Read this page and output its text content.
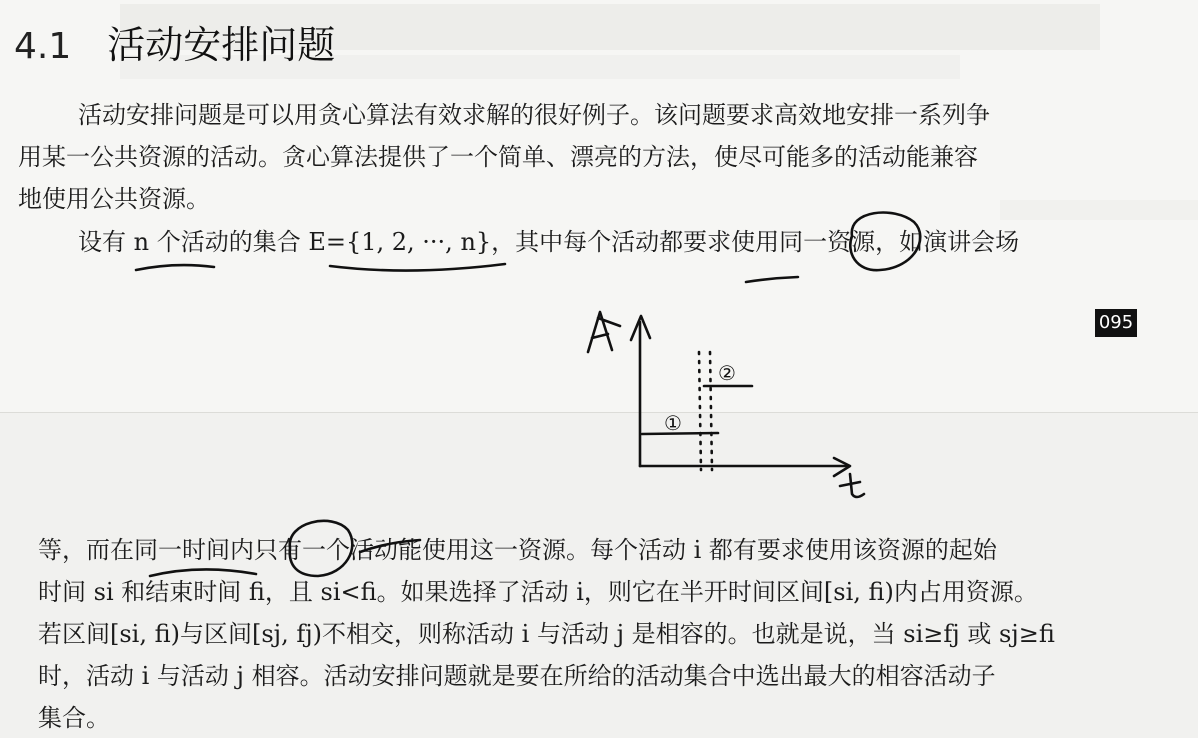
4.1 活动安排问题
活动安排问题是可以用贪心算法有效求解的很好例子。该问题要求高效地安排一系列争
用某一公共资源的活动。贪心算法提供了一个简单、漂亮的方法，使尽可能多的活动能兼容
地使用公共资源。
设有 n 个活动的集合 E={1, 2, ···, n}，其中每个活动都要求使用同一资源，如演讲会场
095
等，而在同一时间内只有一个活动能使用这一资源。每个活动 i 都有要求使用该资源的起始
时间 si 和结束时间 fi，且 si<fi。如果选择了活动 i，则它在半开时间区间[si, fi)内占用资源。
若区间[si, fi)与区间[sj, fj)不相交，则称活动 i 与活动 j 是相容的。也就是说，当 si≥fj 或 sj≥fi
时，活动 i 与活动 j 相容。活动安排问题就是要在所给的活动集合中选出最大的相容活动子
集合。
①
②
